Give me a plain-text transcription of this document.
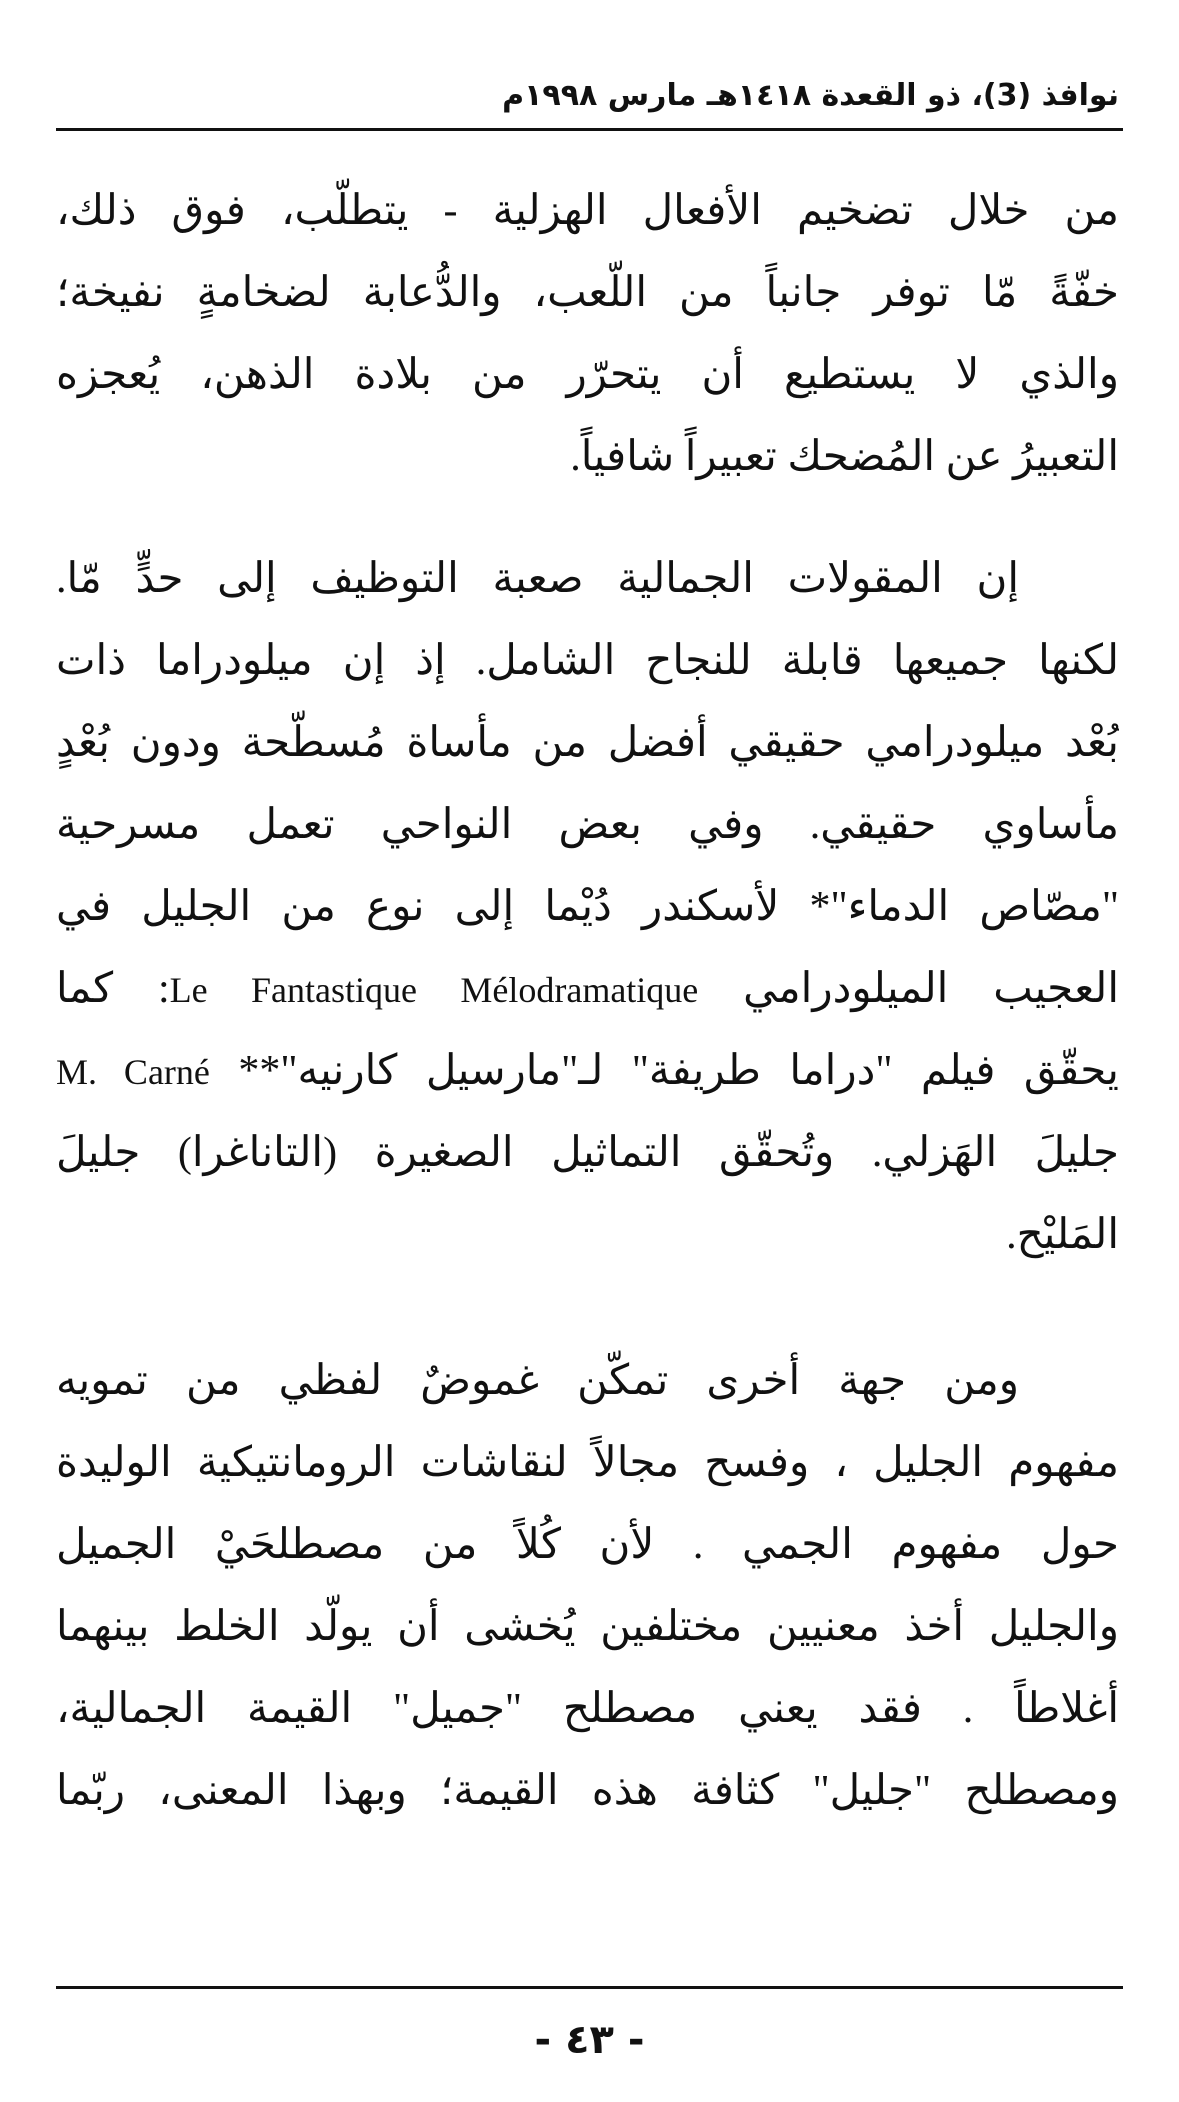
نوافذ (3)، ذو القعدة ١٤١٨هـ مارس ١٩٩٨م
من خلال تضخيم الأفعال الهزلية - يتطلّب، فوق ذلك،
خفّةً مّا توفر جانباً من اللّعب، والدُّعابة لضخامةٍ نفيخة؛
والذي لا يستطيع أن يتحرّر من بلادة الذهن، يُعجزه
التعبيرُ عن المُضحك تعبيراً شافياً.
إن المقولات الجمالية صعبة التوظيف إلى حدٍّ مّا.
لكنها جميعها قابلة للنجاح الشامل. إذ إن ميلودراما ذات
بُعْد ميلودرامي حقيقي أفضل من مأساة مُسطّحة ودون بُعْدٍ
مأساوي حقيقي. وفي بعض النواحي تعمل مسرحية
"مصّاص الدماء"* لأسكندر دُيْما إلى نوع من الجليل في
العجيب الميلودرامي Le Fantastique Mélodramatique: كما
يحقّق فيلم "دراما طريفة" لـ"مارسيل كارنيه"** M. Carné
جليلَ الهَزلي. وتُحقّق التماثيل الصغيرة (التاناغرا) جليلَ
المَليْح.
ومن جهة أخرى تمكّن غموضٌ لفظي من تمويه
مفهوم الجليل ، وفسح مجالاً لنقاشات الرومانتيكية الوليدة
حول مفهوم الجمي . لأن كُلاً من مصطلحَيْ الجميل
والجليل أخذ معنيين مختلفين يُخشى أن يولّد الخلط بينهما
أغلاطاً . فقد يعني مصطلح "جميل" القيمة الجمالية،
ومصطلح "جليل" كثافة هذه القيمة؛ وبهذا المعنى، ربّما
- ٤٣ -
